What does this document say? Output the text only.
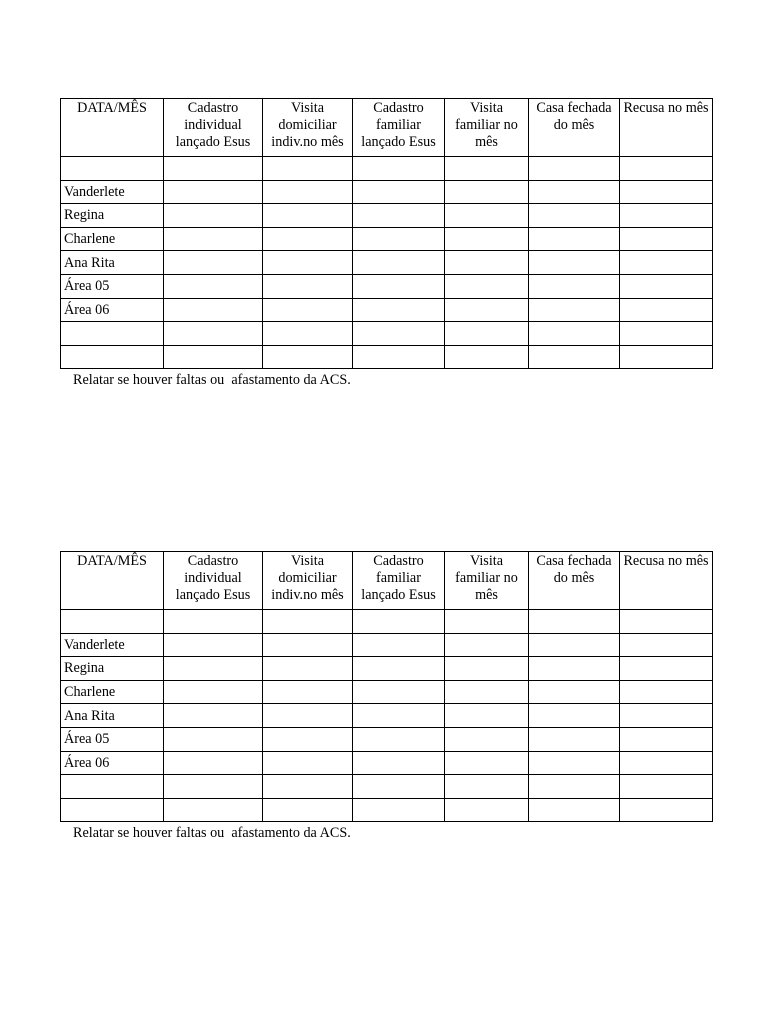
DATA/MÊS	Cadastro individual lançado Esus	Visita domiciliar indiv.no mês	Cadastro familiar lançado Esus	Visita familiar no mês	Casa fechada do mês	Recusa no mês

Vanderlete						
Regina						
Charlene						
Ana Rita						
Área 05						
Área 06						

Relatar se houver faltas ou  afastamento da ACS.
DATA/MÊS	Cadastro individual lançado Esus	Visita domiciliar indiv.no mês	Cadastro familiar lançado Esus	Visita familiar no mês	Casa fechada do mês	Recusa no mês

Vanderlete						
Regina						
Charlene						
Ana Rita						
Área 05						
Área 06						

Relatar se houver faltas ou  afastamento da ACS.
